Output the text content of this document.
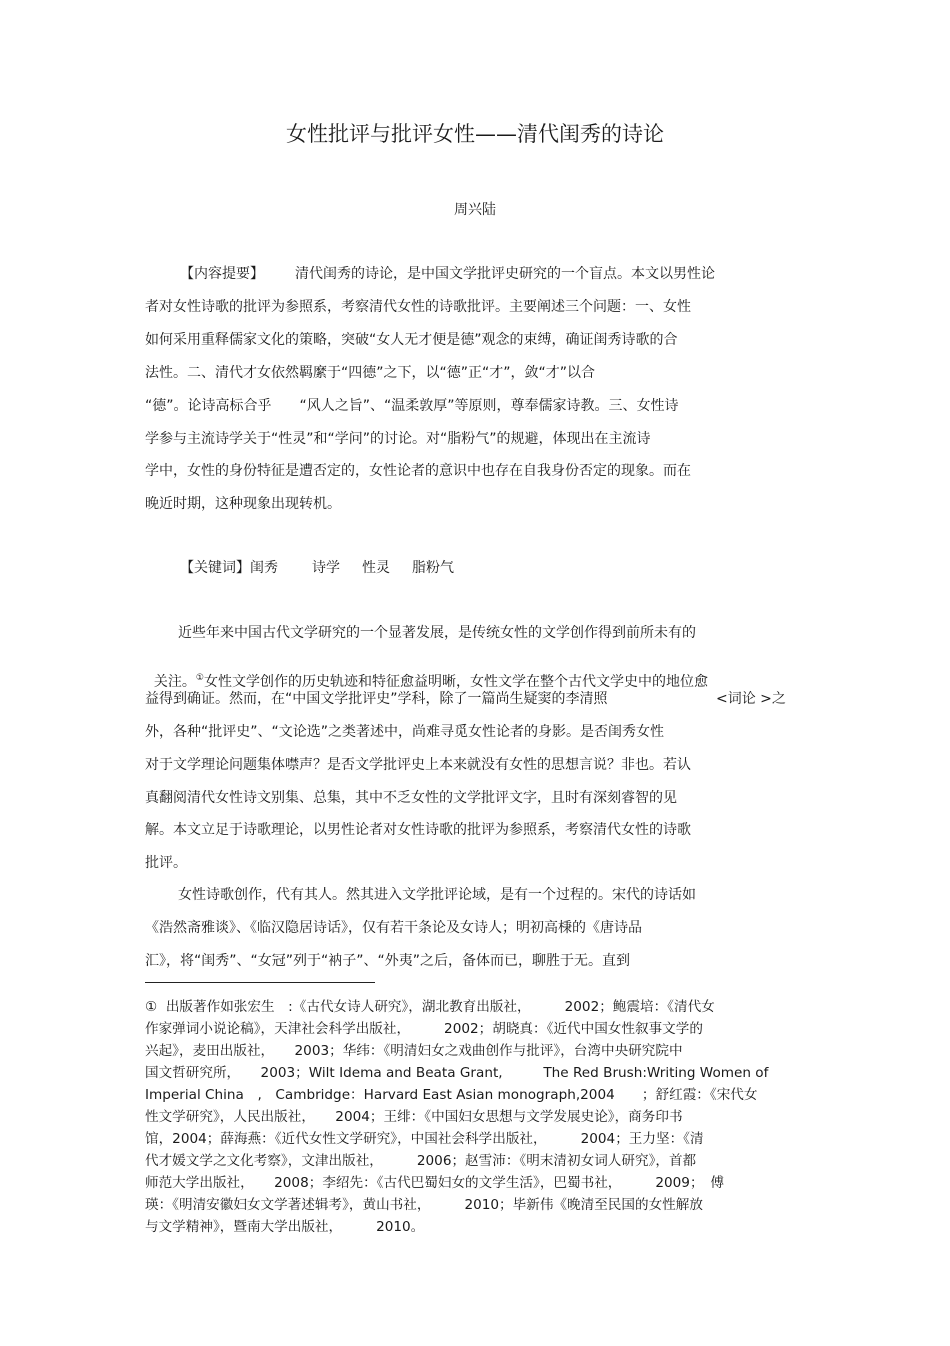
女性批评与批评女性——清代闺秀的诗论
周兴陆
【内容提要】 清代闺秀的诗论，是中国文学批评史研究的一个盲点。本文以男性论
者对女性诗歌的批评为参照系，考察清代女性的诗歌批评。主要阐述三个问题：一、女性
如何采用重释儒家文化的策略，突破“女人无才便是德”观念的束缚，确证闺秀诗歌的合
法性。二、清代才女依然羁縻于“四德”之下，以“德”正“才”，敛“才”以合
“德”。论诗高标合乎　　“风人之旨”、“温柔敦厚”等原则，尊奉儒家诗教。三、女性诗
学参与主流诗学关于“性灵”和“学问”的讨论。对“脂粉气”的规避，体现出在主流诗
学中，女性的身份特征是遭否定的，女性论者的意识中也存在自我身份否定的现象。而在
晚近时期，这种现象出现转机。
【关键词】 闺秀 诗学 性灵 脂粉气
近些年来中国古代文学研究的一个显著发展，是传统女性的文学创作得到前所未有的

关注。①女性文学创作的历史轨迹和特征愈益明晰，女性文学在整个古代文学史中的地位愈

益得到确证。然而，在“中国文学批评史”学科，除了一篇尚生疑窦的李清照	<词论 >之
外，各种“批评史”、“文论选”之类著述中，尚难寻觅女性论者的身影。是否闺秀女性
对于文学理论问题集体噤声？是否文学批评史上本来就没有女性的思想言说？非也。若认
真翻阅清代女性诗文别集、总集，其中不乏女性的文学批评文字，且时有深刻睿智的见
解。本文立足于诗歌理论，以男性论者对女性诗歌的批评为参照系，考察清代女性的诗歌
批评。
女性诗歌创作，代有其人。然其进入文学批评论域，是有一个过程的。宋代的诗话如
《浩然斋雅谈》、《临汉隐居诗话》，仅有若干条论及女诗人；明初高棅的《唐诗品
汇》，将“闺秀”、“女冠”列于“衲子”、“外夷”之后，备体而已，聊胜于无。直到
①  出版著作如张宏生　:《古代女诗人研究》，湖北教育出版社，　　　2002；鲍震培：《清代女
作家弹词小说论稿》，天津社会科学出版社，　　　2002；胡晓真：《近代中国女性叙事文学的
兴起》，麦田出版社，　　2003；华纬：《明清妇女之戏曲创作与批评》，台湾中央研究院中
国文哲研究所，　　2003；Wilt Idema and Beata Grant,　　　The Red Brush:Writing Women of
Imperial China　,　Cambridge：Harvard East Asian monograph,2004　　；舒红霞：《宋代女
性文学研究》，人民出版社，　　2004；王绯：《中国妇女思想与文学发展史论》，商务印书
馆，2004；薛海燕：《近代女性文学研究》，中国社会科学出版社，　　　2004；王力坚：《清
代才媛文学之文化考察》，文津出版社，　　　2006；赵雪沛：《明末清初女词人研究》，首都
师范大学出版社，　　2008；李绍先：《古代巴蜀妇女的文学生活》，巴蜀书社，　　　2009；　傅
瑛：《明清安徽妇女文学著述辑考》，黄山书社，　　　2010；毕新伟《晚清至民国的女性解放
与文学精神》，暨南大学出版社，　　　2010。
